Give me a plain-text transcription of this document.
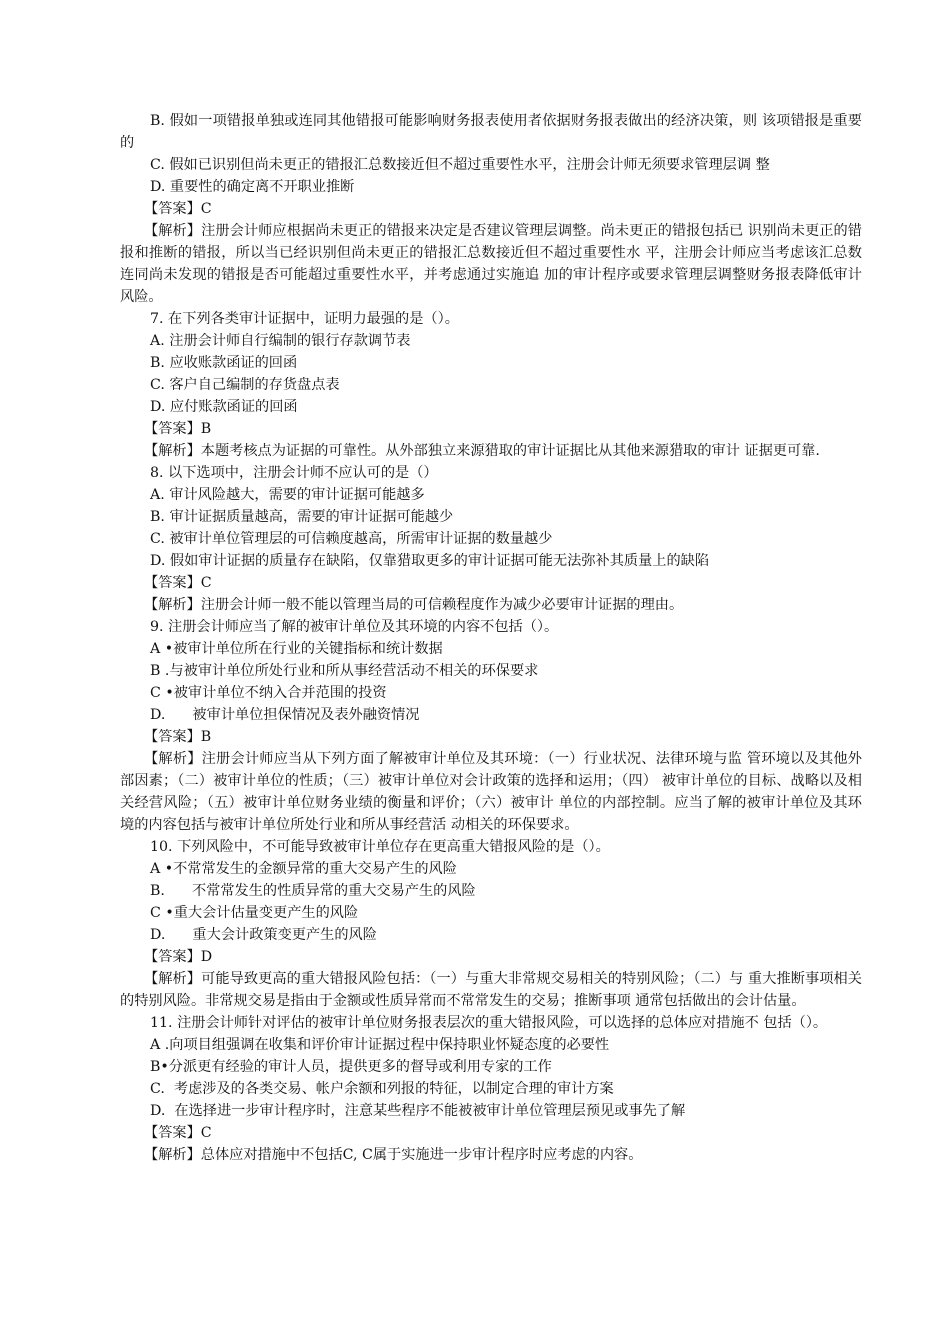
B. 假如一项错报单独或连同其他错报可能影响财务报表使用者依据财务报表做出的经济决策，则 该项错报是重要的

C. 假如已识别但尚未更正的错报汇总数接近但不超过重要性水平，注册会计师无须要求管理层调 整

D. 重要性的确定离不开职业推断

【答案】C

【解析】注册会计师应根据尚未更正的错报来决定是否建议管理层调整。尚未更正的错报包括已 识别尚未更正的错报和推断的错报，所以当已经识别但尚未更正的错报汇总数接近但不超过重要性水 平，注册会计师应当考虑该汇总数连同尚未发现的错报是否可能超过重要性水平，并考虑通过实施追 加的审计程序或要求管理层调整财务报表降低审计风险。

7. 在下列各类审计证据中，证明力最强的是（）。

A. 注册会计师自行编制的银行存款调节表

B. 应收账款函证的回函

C. 客户自己编制的存货盘点表

D. 应付账款函证的回函

【答案】B

【解析】本题考核点为证据的可靠性。从外部独立来源猎取的审计证据比从其他来源猎取的审计 证据更可靠.

8. 以下选项中，注册会计师不应认可的是（）

A. 审计风险越大，需要的审计证据可能越多

B. 审计证据质量越高，需要的审计证据可能越少

C. 被审计单位管理层的可信赖度越高，所需审计证据的数量越少

D. 假如审计证据的质量存在缺陷，仅靠猎取更多的审计证据可能无法弥补其质量上的缺陷

【答案】C

【解析】注册会计师一般不能以管理当局的可信赖程度作为减少必要审计证据的理由。

9. 注册会计师应当了解的被审计单位及其环境的内容不包括（）。

A •被审计单位所在行业的关键指标和统计数据

B .与被审计单位所处行业和所从事经营活动不相关的环保要求

C •被审计单位不纳入合并范围的投资

D.      被审计单位担保情况及表外融资情况

【答案】B

【解析】注册会计师应当从下列方面了解被审计单位及其环境：（一）行业状况、法律环境与监 管环境以及其他外部因素；（二）被审计单位的性质；（三）被审计单位对会计政策的选择和运用；（四） 被审计单位的目标、战略以及相关经营风险；（五）被审计单位财务业绩的衡量和评价；（六）被审计 单位的内部控制。应当了解的被审计单位及其环境的内容包括与被审计单位所处行业和所从事经营活 动相关的环保要求。

10. 下列风险中，不可能导致被审计单位存在更高重大错报风险的是（）。

A •不常常发生的金额异常的重大交易产生的风险

B.      不常常发生的性质异常的重大交易产生的风险

C •重大会计估量变更产生的风险

D.      重大会计政策变更产生的风险

【答案】D

【解析】可能导致更高的重大错报风险包括：（一）与重大非常规交易相关的特别风险；（二）与 重大推断事项相关的特别风险。非常规交易是指由于金额或性质异常而不常常发生的交易；推断事项 通常包括做出的会计估量。

11. 注册会计师针对评估的被审计单位财务报表层次的重大错报风险，可以选择的总体应对措施不 包括（）。

A .向项目组强调在收集和评价审计证据过程中保持职业怀疑态度的必要性

B•分派更有经验的审计人员，提供更多的督导或利用专家的工作

C.  考虑涉及的各类交易、帐户余额和列报的特征，以制定合理的审计方案

D.  在选择进一步审计程序时，注意某些程序不能被被审计单位管理层预见或事先了解

【答案】C

【解析】总体应对措施中不包括C, C属于实施进一步审计程序时应考虑的内容。
